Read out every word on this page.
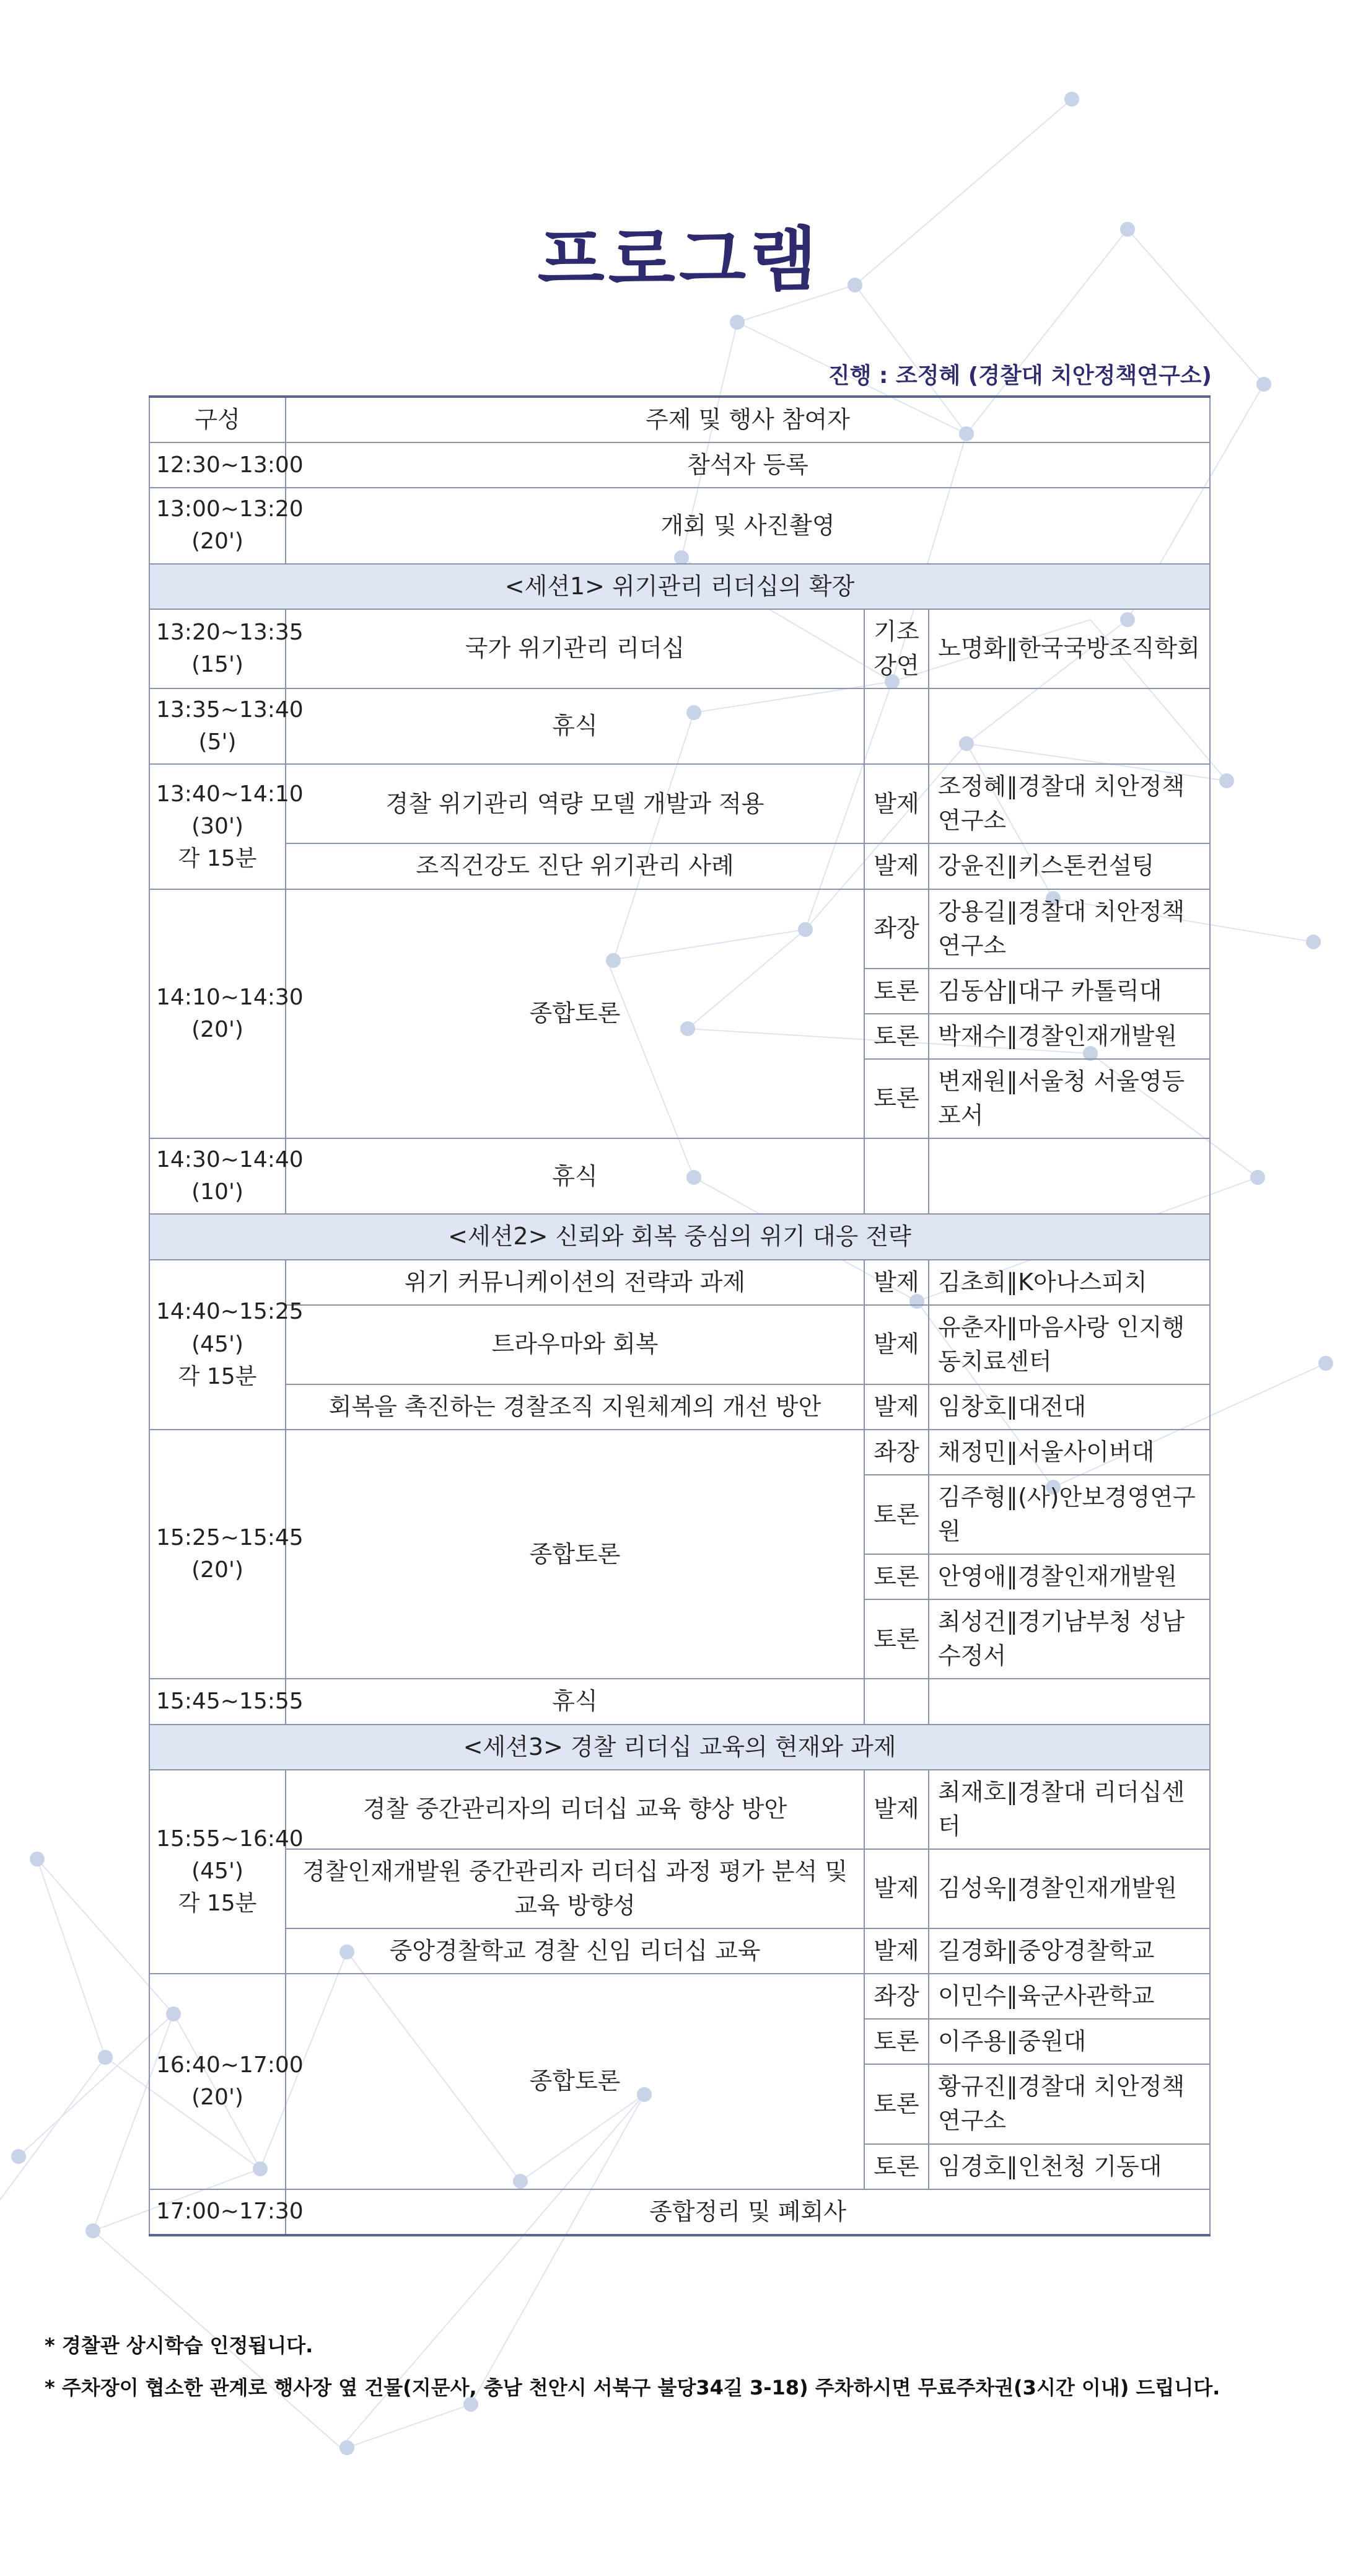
프로그램
진행 : 조정혜 (경찰대 치안정책연구소)
구성	주제 및 행사 참여자		
12:30~13:00	참석자 등록		

13:00~13:20
(20')	개회 및 사진촬영		
<세션1> 위기관리 리더십의 확장			

13:20~13:35
(15')	국가 위기관리 리더십	기조 강연	노명화∥한국국방조직학회

13:35~13:40
(5')	휴식		

13:40~14:10
(30')
각 15분	경찰 위기관리 역량 모델 개발과 적용	발제	조정혜∥경찰대 치안정책연구소
	조직건강도 진단 위기관리 사례	발제	강윤진∥키스톤컨설팅

14:10~14:30
(20')	종합토론	좌장	강용길∥경찰대 치안정책연구소
		토론	김동삼∥대구 카톨릭대
		토론	박재수∥경찰인재개발원
		토론	변재원∥서울청 서울영등포서

14:30~14:40
(10')	휴식		
<세션2> 신뢰와 회복 중심의 위기 대응 전략			

14:40~15:25
(45')
각 15분	위기 커뮤니케이션의 전략과 과제	발제	김초희∥K아나스피치
	트라우마와 회복	발제	유춘자∥마음사랑 인지행동치료센터
	회복을 촉진하는 경찰조직 지원체계의 개선 방안	발제	임창호∥대전대

15:25~15:45
(20')	종합토론	좌장	채정민∥서울사이버대
		토론	김주형∥(사)안보경영연구원
		토론	안영애∥경찰인재개발원
		토론	최성건∥경기남부청 성남수정서
15:45~15:55	휴식		
<세션3> 경찰 리더십 교육의 현재와 과제			

15:55~16:40
(45')
각 15분	경찰 중간관리자의 리더십 교육 향상 방안	발제	최재호∥경찰대 리더십센터
	경찰인재개발원 중간관리자 리더십 과정 평가 분석 및 교육 방향성	발제	김성욱∥경찰인재개발원
	중앙경찰학교 경찰 신임 리더십 교육	발제	길경화∥중앙경찰학교

16:40~17:00
(20')	종합토론	좌장	이민수∥육군사관학교
		토론	이주용∥중원대
		토론	황규진∥경찰대 치안정책연구소
		토론	임경호∥인천청 기동대
17:00~17:30	종합정리 및 폐회사		
* 경찰관 상시학습 인정됩니다.
* 주차장이 협소한 관계로 행사장 옆 건물(지문사, 충남 천안시 서북구 불당34길 3-18) 주차하시면 무료주차권(3시간 이내) 드립니다.
